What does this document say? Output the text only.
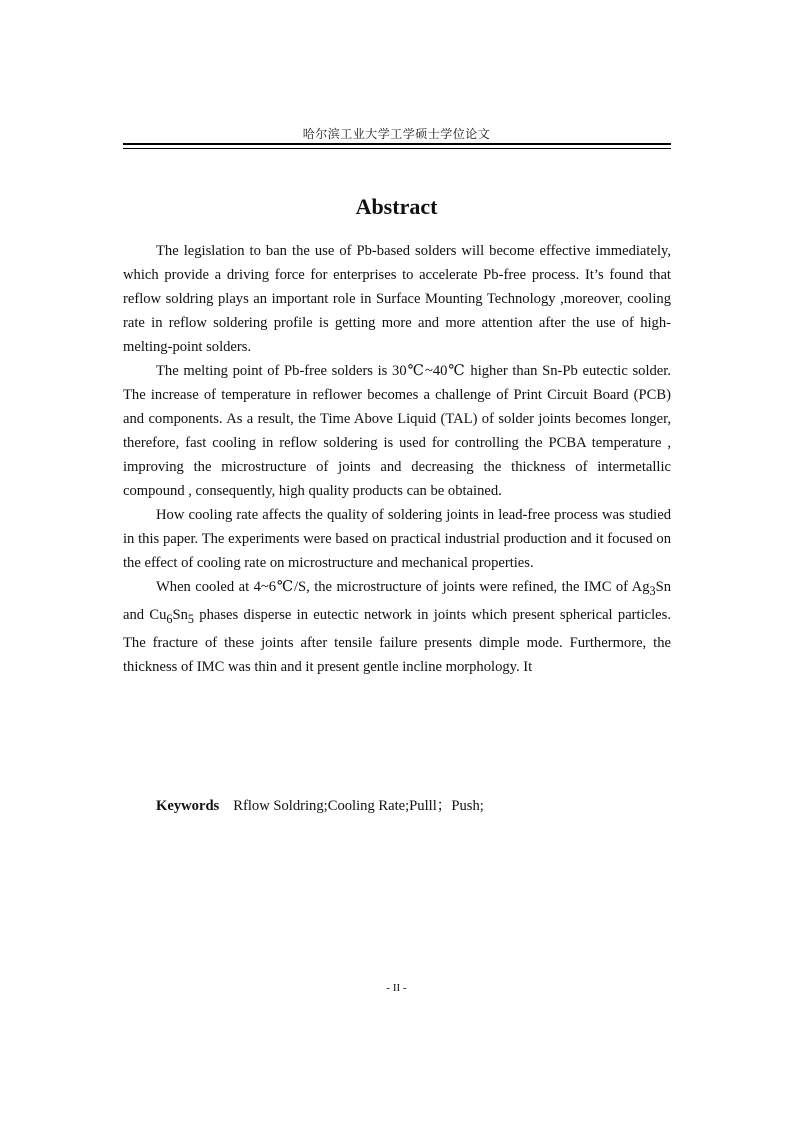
哈尔滨工业大学工学硕士学位论文
Abstract

The legislation to ban the use of Pb-based solders will become effective immediately, which provide a driving force for enterprises to accelerate Pb-free process. It’s found that reflow soldring plays an important role in Surface Mounting Technology ,moreover, cooling rate in reflow soldering profile is getting more and more attention after the use of high-melting-point solders.

The melting point of Pb-free solders is 30℃~40℃ higher than Sn-Pb eutectic solder. The increase of temperature in reflower becomes a challenge of Print Circuit Board (PCB) and components. As a result, the Time Above Liquid (TAL) of solder joints becomes longer, therefore, fast cooling in reflow soldering is used for controlling the PCBA temperature , improving the microstructure of joints and decreasing the thickness of intermetallic compound , consequently, high quality products can be obtained.

How cooling rate affects the quality of soldering joints in lead-free process was studied in this paper. The experiments were based on practical industrial production and it focused on the effect of cooling rate on microstructure and mechanical properties.

When cooled at 4~6℃/S, the microstructure of joints were refined, the IMC of $Ag_3Sn$ and $Cu_6Sn_5$ phases disperse in eutectic network in joints which present spherical particles. The fracture of these joints after tensile failure presents dimple mode. Furthermore, the thickness of IMC was thin and it present gentle incline morphology. It

Keywords Rflow Soldring;Cooling Rate;Pulll；Push;
- II -
